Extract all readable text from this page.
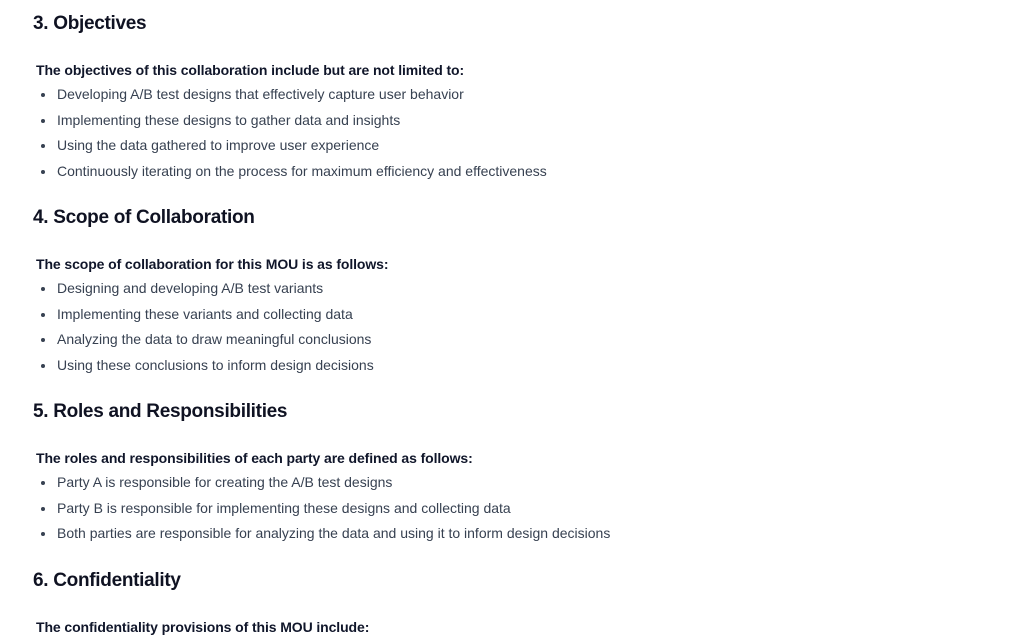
3. Objectives

The objectives of this collaboration include but are not limited to:

Developing A/B test designs that effectively capture user behavior
Implementing these designs to gather data and insights
Using the data gathered to improve user experience
Continuously iterating on the process for maximum efficiency and effectiveness
4. Scope of Collaboration

The scope of collaboration for this MOU is as follows:

Designing and developing A/B test variants
Implementing these variants and collecting data
Analyzing the data to draw meaningful conclusions
Using these conclusions to inform design decisions
5. Roles and Responsibilities

The roles and responsibilities of each party are defined as follows:

Party A is responsible for creating the A/B test designs
Party B is responsible for implementing these designs and collecting data
Both parties are responsible for analyzing the data and using it to inform design decisions
6. Confidentiality

The confidentiality provisions of this MOU include:
